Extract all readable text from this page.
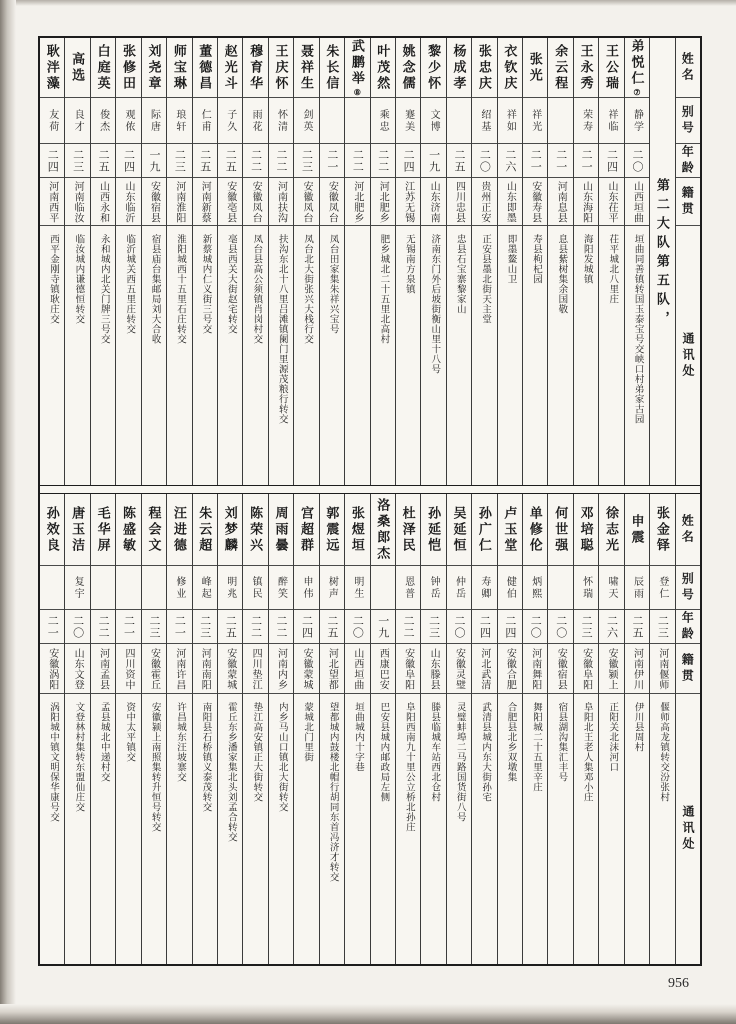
姓名
别号
年龄
籍贯
通讯处
第二大队第五队，
弟悦仁
⑦
静学
二〇
山西垣曲
垣曲同善镇转国玉泰宝号交峡口村弟家古园
王公瑞
祥临
二四
山东茌平
茌平城北八里庄
王永秀
荣寿
二一
山东海阳
海阳发城镇
余云程
二一
河南息县
息县紫树集余国敬
张光
祥光
二一
安徽寿县
寿县枸杞园
衣钦庆
祥如
二六
山东即墨
即墨鳌山卫
张忠庆
绍基
二〇
贵州正安
正安县墨北街天主堂
杨成孝
二五
四川忠县
忠县石宝寨黎家山
黎少怀
文博
一九
山东济南
济南东门外后坡街衡山里十八号
姚念儒
蹇美
二四
江苏无锡
无锡南方泉镇
叶茂然
乘忠
二二
河北肥乡
肥乡城北二十五里北高村
武鹏举
⑧
二二
河北肥乡
朱长信
二一
安徽凤台
凤台田家集朱祥兴宝号
聂祥生
剑英
二三
安徽凤台
凤台北大街张兴大栈行交
王庆怀
怀清
二二
河南扶沟
扶沟东北十八里吕滩镇阑门里源茂粮行转交
穆育华
雨花
二二
安徽凤台
凤台县高公须镇肖岗村交
赵光斗
子久
二五
安徽亳县
亳县西关大街赵宅转交
董德昌
仁甫
二五
河南新蔡
新蔡城内仁义街三号交
师宝琳
琅轩
二三
河南淮阳
淮阳城西十五里石庄转交
刘尧章
际唐
一九
安徽宿县
宿县庙台集邮局刘大合收
张修田
观侬
二四
山东临沂
临沂城关西五里庄转交
白庭英
俊杰
二五
山西永和
永和城内北关门牌三号交
高选
良才
二三
河南临汝
临汝城内谦德恒转交
耿泮藻
友荷
二四
河南西平
西平金刚寺镇耿庄交
姓名
别号
年龄
籍贯
通讯处
张金铎
登仁
二三
河南偃师
偃师高龙镇转交汾张村
申震
辰雨
二五
河南伊川
伊川县周村
徐志光
啸天
二六
安徽颍上
正阳关北沫河口
邓培聪
怀瑞
二三
安徽阜阳
阜阳北王老人集邓小庄
何世强
二〇
安徽宿县
宿县湖沟集汇丰号
单修伦
炳熙
二〇
河南舞阳
舞阳城二十五里辛庄
卢玉堂
健伯
二四
安徽合肥
合肥县北乡双墩集
孙广仁
寿卿
二四
河北武清
武清县城内东大街孙宅
吴延恒
仲岳
二〇
安徽灵璧
灵璧蚌埠二马路国货街八号
孙延恺
钟岳
二三
山东滕县
滕县临城车站西北仓村
杜泽民
恩普
二二
安徽阜阳
阜阳西南九十里公立桥北孙庄
洛桑郎杰
一九
西康巴安
巴安县城内邮政局左侧
张煜垣
明生
二〇
山西垣曲
垣曲城内十字巷
郭震远
树声
二五
河北望都
望都城内鼓楼北帽行胡同东首冯济才转交
宫超群
申伟
二四
安徽蒙城
蒙城北门里街
周雨曇
醉笑
二二
河南内乡
内乡马山口镇北大街转交
陈荣兴
镇民
二二
四川垫江
垫江高安镇正大街转交
刘梦麟
明兆
二五
安徽蒙城
霍丘东乡潘家集北头刘孟合转交
朱云超
峰起
二三
河南南阳
南阳县石桥镇义泰茂转交
汪进德
修业
二一
河南许昌
许昌城东汪坡寨交
程会文
二三
安徽霍丘
安徽颍上南照集转升恒号转交
陈盛敏
二一
四川资中
资中太平镇交
毛华屏
二二
河南孟县
孟县城北中递村交
唐玉洁
复宇
二〇
山东文登
文登林村集转东盟仙庄交
孙效良
二一
安徽涡阳
涡阳城中镇文明保华康号交
956
